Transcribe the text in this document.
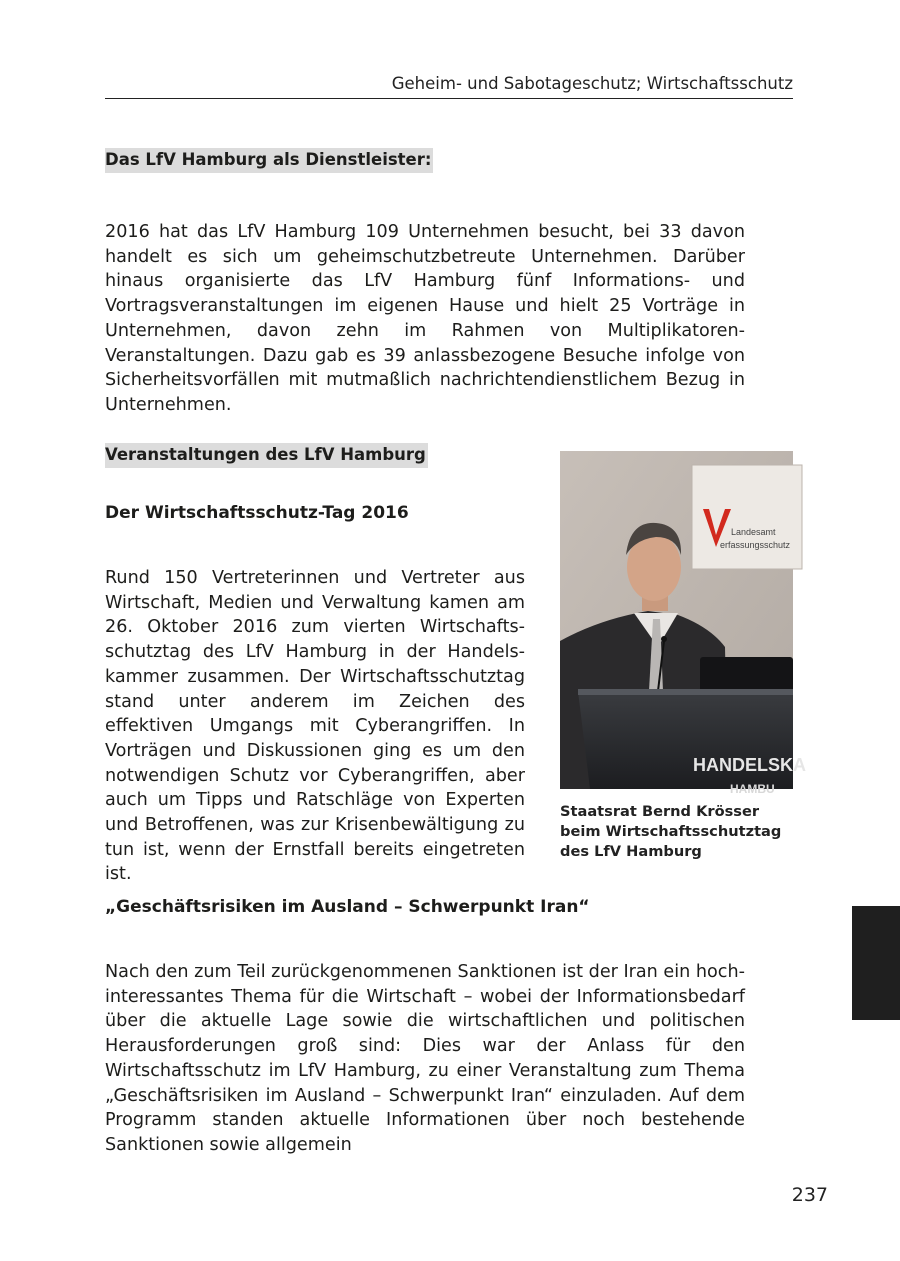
Geheim- und Sabotageschutz; Wirtschaftsschutz
Das LfV Hamburg als Dienstleister:

2016 hat das LfV Hamburg 109 Unternehmen besucht, bei 33 davon handelt es sich um geheimschutzbetreute Unternehmen. Darüber hinaus organisierte das LfV Hamburg fünf Informations- und Vortragsveranstaltungen im eigenen Hause und hielt 25 Vorträge in Unternehmen, davon zehn im Rahmen von Multiplikatoren-Veranstaltungen. Dazu gab es 39 anlassbezogene Besuche infolge von Sicherheitsvorfällen mit mutmaßlich nachrichtendienstlichem Bezug in Unternehmen.

Veranstaltungen des LfV Hamburg
Der Wirtschaftsschutz-Tag 2016

Rund 150 Vertreterinnen und Vertreter aus Wirtschaft, Medien und Verwaltung kamen am 26. Oktober 2016 zum vierten Wirtschaftsschutztag des LfV Hamburg in der Handelskammer zusammen. Der Wirtschaftsschutztag stand unter anderem im Zeichen des effektiven Umgangs mit Cyberangriffen. In Vorträgen und Diskussionen ging es um den notwendigen Schutz vor Cyberangriffen, aber auch um Tipps und Ratschläge von Experten und Betroffenen, was zur Krisenbewältigung zu tun ist, wenn der Ernstfall bereits eingetreten ist.

Landesamt
erfassungsschutz
HANDELSKA
HAMBU
Staatsrat Bernd Krösser beim Wirtschaftsschutztag des LfV Hamburg
„Geschäftsrisiken im Ausland – Schwerpunkt Iran“

Nach den zum Teil zurückgenommenen Sanktionen ist der Iran ein hochinteressantes Thema für die Wirtschaft – wobei der Informationsbedarf über die aktuelle Lage sowie die wirtschaftlichen und politischen Herausforderungen groß sind: Dies war der Anlass für den Wirtschaftsschutz im LfV Hamburg, zu einer Veranstaltung zum Thema „Geschäftsrisiken im Ausland – Schwerpunkt Iran“ einzuladen. Auf dem Programm standen aktuelle Informationen über noch bestehende Sanktionen sowie allgemein

237
